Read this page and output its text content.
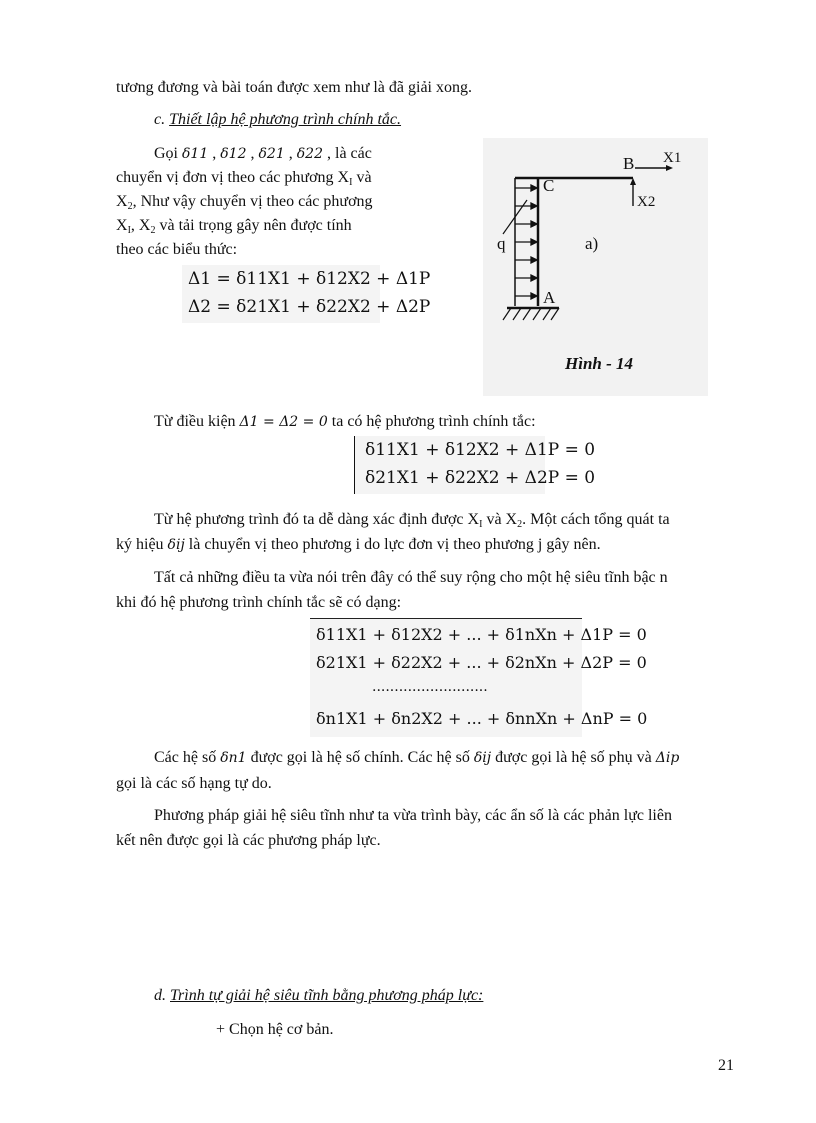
tương đương và bài toán được xem như là đã giải xong.
c. Thiết lập hệ phương trình chính tắc.
Gọi δ11 , δ12 , δ21 , δ22 , là các
chuyển vị đơn vị theo các phương $X_I$ và
$X_2$, Như vậy chuyển vị theo các phương
$X_I$, $X_2$ và tải trọng gây nên được tính
theo các biểu thức:
Δ1 = δ11X1 + δ12X2 + Δ1P
Δ2 = δ21X1 + δ22X2 + Δ2P
B X1
C
X2
q	a)
A
Hình - 14
Từ điều kiện Δ1 = Δ2 = 0 ta có hệ phương trình chính tắc:
δ11X1 + δ12X2 + Δ1P = 0
δ21X1 + δ22X2 + Δ2P = 0
Từ hệ phương trình đó ta dễ dàng xác định được $X_I$ và $X_2$. Một cách tổng quát ta
ký hiệu δij là chuyển vị theo phương i do lực đơn vị theo phương j gây nên.
Tất cả những điều ta vừa nói trên đây có thể suy rộng cho một hệ siêu tĩnh bậc n
khi đó hệ phương trình chính tắc sẽ có dạng:
δ11X1 + δ12X2 + ... + δ1nXn + Δ1P = 0
δ21X1 + δ22X2 + ... + δ2nXn + Δ2P = 0
..........................
δn1X1 + δn2X2 + ... + δnnXn + ΔnP = 0
Các hệ số δn1 được gọi là hệ số chính. Các hệ số δij được gọi là hệ số phụ và Δip
gọi là các số hạng tự do.
Phương pháp giải hệ siêu tĩnh như ta vừa trình bày, các ẩn số là các phản lực liên
kết nên được gọi là các phương pháp lực.
d. Trình tự giải hệ siêu tĩnh bằng phương pháp lực:
+ Chọn hệ cơ bản.
21
